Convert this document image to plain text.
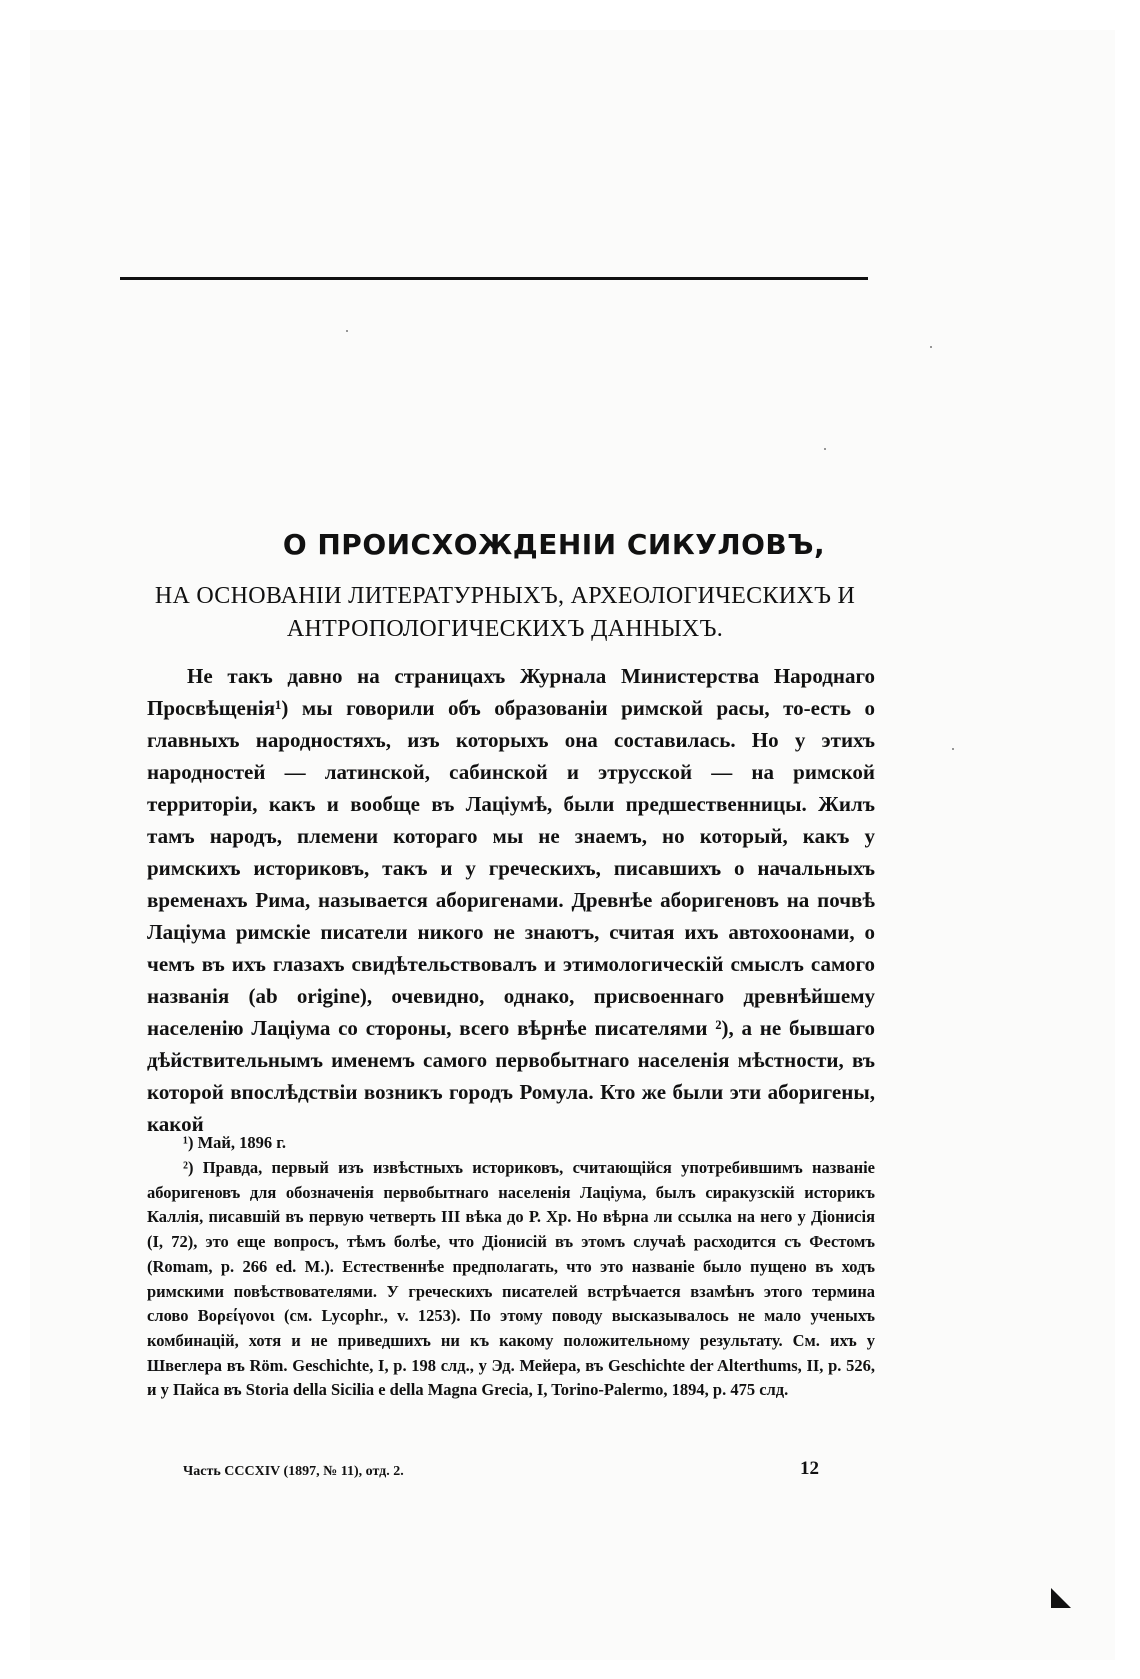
О ПРОИСХОЖДЕНІИ СИКУЛОВЪ,
НА ОСНОВАНІИ ЛИТЕРАТУРНЫХЪ, АРХЕОЛОГИЧЕСКИХЪ И
АНТРОПОЛОГИЧЕСКИХЪ ДАННЫХЪ.

Не такъ давно на страницахъ Журнала Министерства Народнаго Просвѣщенія¹) мы говорили объ образованіи римской расы, то-есть о главныхъ народностяхъ, изъ которыхъ она составилась. Но у этихъ народностей — латинской, сабинской и этрусской — на римской территоріи, какъ и вообще въ Лаціумѣ, были предшественницы. Жилъ тамъ народъ, племени котораго мы не знаемъ, но который, какъ у римскихъ историковъ, такъ и у греческихъ, писавшихъ о начальныхъ временахъ Рима, называется аборигенами. Древнѣе аборигеновъ на почвѣ Лаціума римскіе писатели никого не знаютъ, считая ихъ автохоонами, о чемъ въ ихъ глазахъ свидѣтельствовалъ и этимологическій смыслъ самого названія (ab origine), очевидно, однако, присвоеннаго древнѣйшему населенію Лаціума со стороны, всего вѣрнѣе писателями ²), а не бывшаго дѣйствительнымъ именемъ самого первобытнаго населенія мѣстности, въ которой впослѣдствіи возникъ городъ Ромула. Кто же были эти аборигены, какой

¹) Май, 1896 г.

²) Правда, первый изъ извѣстныхъ историковъ, считающійся употребившимъ названіе аборигеновъ для обозначенія первобытнаго населенія Лаціума, былъ сиракузскій историкъ Каллія, писавшій въ первую четверть III вѣка до Р. Хр. Но вѣрна ли ссылка на него у Діонисія (I, 72), это еще вопросъ, тѣмъ болѣе, что Діонисій въ этомъ случаѣ расходится съ Фестомъ (Romam, p. 266 ed. M.). Естественнѣе предполагать, что это названіе было пущено въ ходъ римскими повѣствователями. У греческихъ писателей встрѣчается взамѣнъ этого термина слово Βορείγονοι (см. Lycophr., v. 1253). По этому поводу высказывалось не мало ученыхъ комбинацій, хотя и не приведшихъ ни къ какому положительному результату. См. ихъ у Швеглера въ Röm. Geschichte, I, p. 198 слд., у Эд. Мейера, въ Geschichte der Alterthums, II, p. 526, и у Пайса въ Storia della Sicilia e della Magna Grecia, I, Torino-Palermo, 1894, p. 475 слд.

Часть СССXIV (1897, № 11), отд. 2.	12
